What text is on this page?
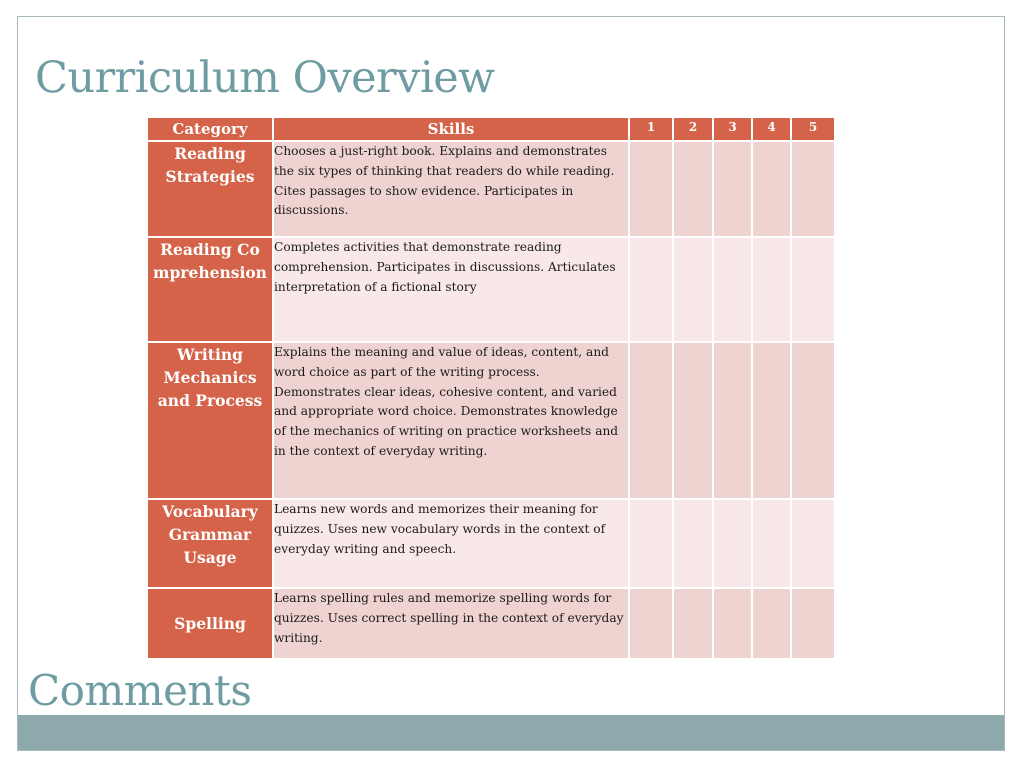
Curriculum Overview
Category	Skills	1	2	3	4	5
Reading Strategies	Chooses a just-right book. Explains and demonstrates the six types of thinking that readers do while reading. Cites passages to show evidence. Participates in discussions.					
Reading Comprehension	Completes activities that demonstrate reading comprehension. Participates in discussions. Articulates interpretation of a fictional story					
Writing Mechanics and Process	Explains the meaning and value of ideas, content, and word choice as part of the writing process. Demonstrates clear ideas, cohesive content, and varied and appropriate word choice. Demonstrates knowledge of the mechanics of writing on practice worksheets and in the context of everyday writing.					
Vocabulary Grammar Usage	Learns new words and memorizes their meaning for quizzes. Uses new vocabulary words in the context of everyday writing and speech.					
Spelling	Learns spelling rules and memorize spelling words for quizzes. Uses correct spelling in the context of everyday writing.					
Comments
